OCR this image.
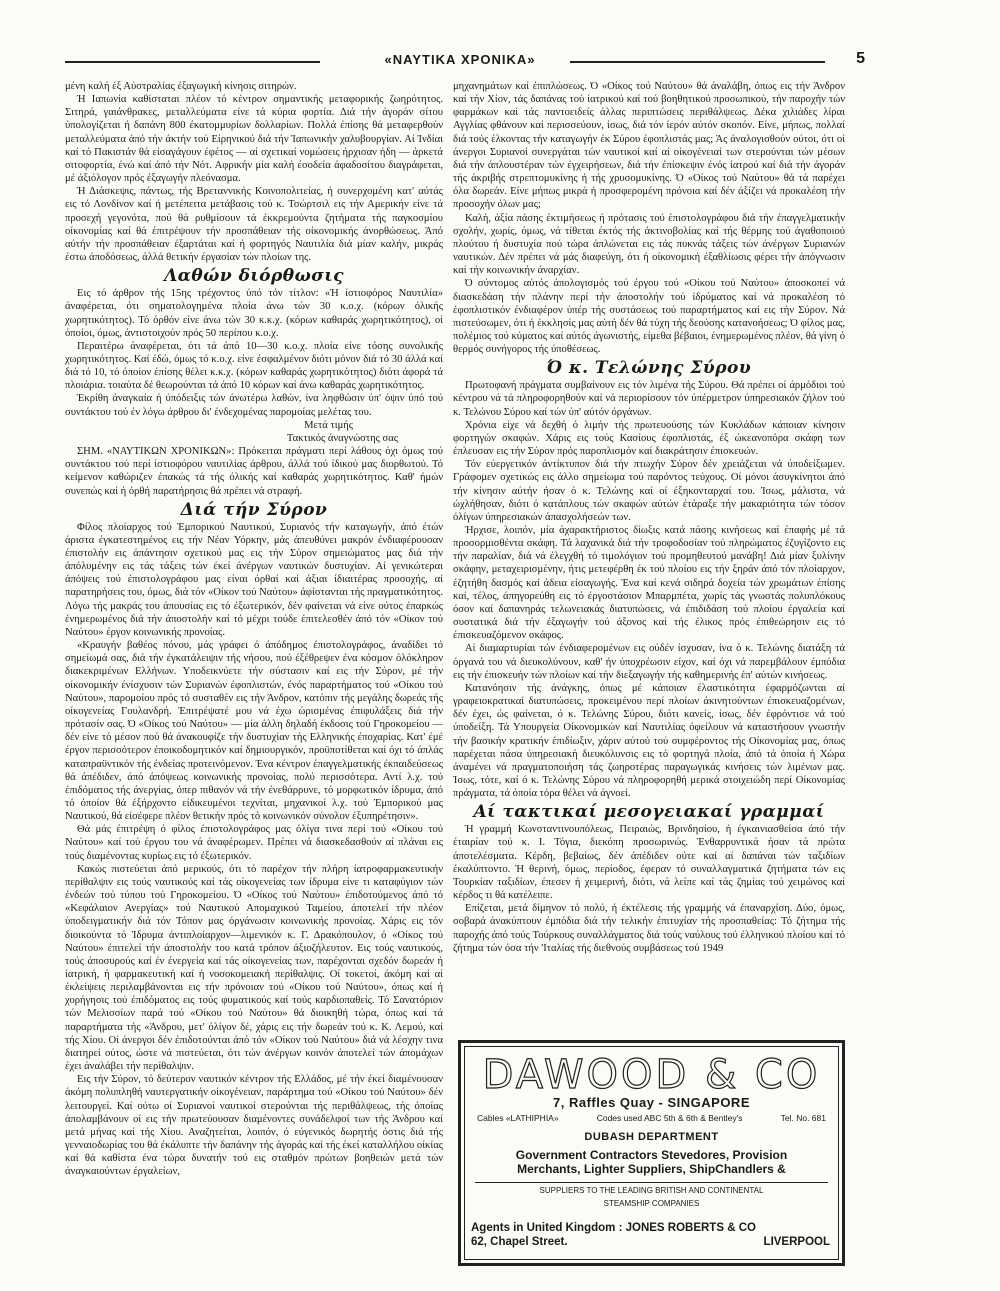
«ΝΑΥΤΙΚΑ ΧΡΟΝΙΚΑ»	5

μένη καλή έξ Αύστραλίας έξαγωγική κίνησις σιτηρών.

Ή Ιαπωνία καθίσταται πλέον τό κέντρον σημαντικής μεταφορικής ζωηρότητος. Σιτηρά, γαιάνθρακες, μεταλλεύματα είνε τά κύρια φορτία. Διά τήν άγοράν σίτου ύπολογίζεται ή δαπάνη 800 έκατομμυρίων δολλαρίων. Πολλά έπίσης θά μεταφερθούν μεταλλεύματα άπό τήν άκτήν τού Είρηνικού διά τήν Ίαπωνικήν χαλυβουργίαν. Αί Ίνδίαι καί τό Πακιστάν θά είσαγάγουν έφέτος — αί σχετικαί νομώσεις ήρχισαν ήδη — άρκετά σιτοφορτία, ένώ καί άπό τήν Νότ. Αφρικήν μία καλή έσοδεία άφαδοσίτου διαγράφεται, μέ άξιόλογον πρός έξαγωγήν πλεόνασμα.

Ή Διάσκεψις, πάντως, τής Βρεταννικής Κοινοπολιτείας, ή συνερχομένη κατ' αύτάς εις τό Λονδίνον καί ή μετέπειτα μετάβασις τού κ. Τσώρτσιλ εις τήν Αμερικήν είνε τά προσεχή γεγονότα, πού θά ρυθμίσουν τά έκκρεμούντα ζητήματα τής παγκοσμίου οίκονομίας καί θά έπιτρέψουν τήν προσπάθειαν τής οίκονομικής άνορθώσεως. Άπό αύτήν τήν προσπάθειαν έξαρτάται καί ή φορτηγός Ναυτιλία διά μίαν καλήν, μικράς έστω άποδόσεως, άλλά θετικήν έργασίαν τών πλοίων της.

Λαθών διόρθωσις

Εις τό άρθρον τής 15ης τρέχοντος ύπό τόν τίτλον: «Ή ίστιοφόρος Ναυτιλία» άναφέρεται, ότι σηματολογημένα πλοία άνω τών 30 κ.ο.χ. (κόρων όλικής χωρητικότητος). Τό όρθόν είνε άνω τών 30 κ.κ.χ. (κόρων καθαράς χωρητικότητος), οί όποίοι, όμως, άντιστοιχούν πρός 50 περίπου κ.ο.χ.

Περαιτέρω άναφέρεται, ότι τά άπό 10—30 κ.ο.χ. πλοία είνε τόσης συνολικής χωρητικότητος. Καί έδώ, όμως τό κ.ο.χ. είνε έσφαλμένον διότι μόνον διά τό 30 άλλά καί διά τό 10, τό όποίον έπίσης θέλει κ.κ.χ. (κόρων καθαράς χωρητικότητος) διότι άφορά τά πλοιάρια. τοιαύτα δέ θεωρούνται τά άπό 10 κόρων καί άνω καθαράς χωρητικότητος.

Έκρίθη άναγκαία ή ύπόδειξις τών άνωτέρω λαθών, ίνα ληφθώσιν ύπ' όψιν ύπό τού συντάκτου τού έν λόγω άρθρου δι' ένδεχομένας παρομοίας μελέτας του.

Μετά τιμής

Τακτικός άναγνώστης σας

ΣΗΜ. «ΝΑΥΤΙΚΩΝ ΧΡΟΝΙΚΩΝ»: Πρόκειται πράγματι περί λάθους όχι όμως τού συντάκτου τού περί ίστιοφόρου ναυτιλίας άρθρου, άλλά τού ίδικού μας διορθωτού. Τό κείμενον καθώριζεν έπακώς τά τής όλικής καί καθαράς χωρητικότητος. Καθ' ήμών συνεπώς καί ή όρθή παρατήρησις θά πρέπει νά στραφή.

Διά τήν Σύρον

Φίλος πλοίαρχος τού Έμπορικού Ναυτικού, Συριανός τήν καταγωγήν, άπό έτών άριστα έγκατεστημένος εις τήν Νέαν Υόρκην, μάς άπευθύνει μακρόν ένδιαφέρουσαν έπιστολήν εις άπάντησιν σχετικού μας εις τήν Σύρον σημειώματος μας διά τήν άπόλυμένην εις τάς τάξεις τών έκεί άνέργων ναυτικών δυστυχίαν. Αί γενικώτεραι άπόψεις τού έπιστολογράφου μας είναι όρθαί καί άξιαι ίδιαιτέρας προσοχής, αί παρατηρήσεις του, όμως, διά τόν «Οίκον τού Ναύτου» άφίστανται τής πραγματικότητος. Λόγω τής μακράς του άπουσίας εις τό έξωτερικόν, δέν φαίνεται νά είνε ούτος έπαρκώς ένημερωμένος διά τήν άποστολήν καί τό μέχρι τούδε έπιτελεσθέν άπό τόν «Οίκον τού Ναύτου» έργον κοινωνικής προνοίας.

«Κραυγήν βαθέος πόνου, μάς γράφει ό άπόδημος έπιστολογράφος, άναδίδει τό σημείωμά σας, διά τήν έγκατάλειψιν τής νήσου, πού έξέθρεψεν ένα κόσμον όλόκληρον διακεκριμένων Ελλήνων. Υποδεικνύετε τήν σύστασιν καί εις τήν Σύρον, μέ τήν οίκονομικήν ένίσχυσιν τών Συριανών έφοπλιστών, ένός παραρτήματος τού «Οίκου τού Ναύτου», παρομοίου πρός τό συσταθέν εις τήν Άνδρον, κατόπιν τής μεγάλης δωρεάς τής οίκογενείας Γουλανδρή. Έπιτρέψατέ μου νά έχω ώρισμένας έπιφυλάξεις διά τήν πρότασίν σας. Ό «Οίκος τού Ναύτου» — μία άλλη δηλαδή έκδοσις τού Γηροκομείου — δέν είνε τό μέσον πού θά άνακουφίζε τήν δυστυχίαν τής Ελληνικής έποχαρίας. Κατ' έμέ έργον περισσότερον έποικοδομητικόν καί δημιουργικόν, προϋποτίθεται καί όχι τό άπλάς καταπραϋντικόν τής ένδείας προτεινόμενον. Ένα κέντρον έπαγγελματικής έκπαιδεύσεως θά άπέδιδεν, άπό άπόψεως κοινωνικής προνοίας, πολύ περισσότερα. Αντί λ.χ. τού έπιδόματος τής άνεργίας, όπερ πιθανόν νά τήν ένεθάρρυνε, τό μορφωτικόν ίδρυμα, άπό τό όποίον θά έξήρχοντο είδικευμένοι τεχνίται, μηχανικοί λ.χ. τού Έμπορικού μας Ναυτικού, θά είσέφερε πλέον θετικήν πρός τό κοινωνικόν σύνολον έξυπηρέτησιν».

Θά μάς έπιτρέψη ό φίλος έπιστολογράφος μας όλίγα τινα περί τού «Οίκου τού Ναύτου» καί τού έργου του νά άναφέρωμεν. Πρέπει νά διασκεδασθούν αί πλάναι εις τούς διαμένοντας κυρίως εις τό έξωτερικόν.

Κακώς πιστεύεται άπό μερικούς, ότι τό παρέχον τήν πλήρη ίατροφαρμακευτικήν περίθαλψιν εις τούς ναυτικούς καί τάς οίκογενείας των ίδρυμα είνε τι καταφύγιον τών ένδεών τού τύπου τού Γηροκομείου. Ό «Οίκος τού Ναύτου» έπιδοτούμενος άπό τό «Κεφάλαιον Ανεργίας» τού Ναυτικού Απομαχικού Ταμείου, άποτελεί τήν πλέον ύποδειγματικήν διά τόν Τόπον μας όργάνωσιν κοινωνικής προνοίας. Χάρις εις τόν διοικούντα τό Ίδρυμα άντιπλοίαρχον—λιμενικόν κ. Γ. Δρακόπουλον, ό «Οίκος τού Ναύτου» έπιτελεί τήν άποστολήν του κατά τρόπον άξιοζήλευτον. Εις τούς ναυτικούς, τούς άποσυρούς καί έν ένεργεία καί τάς οίκογενείας των, παρέχονται σχεδόν δωρεάν ή ίατρική, ή φαρμακευτική καί ή νοσοκομειακή περίθαλψις. Οί τοκετοί, άκόμη καί αί έκλείψεις περιλαμβάνονται εις τήν πρόνοιαν τού «Οίκου τού Ναύτου», όπως καί ή χορήγησις τού έπιδόματος εις τούς φυματικούς καί τούς καρδιοπαθείς. Τό Σανατόριον τών Μελισσίων παρά τού «Οίκου τού Ναύτου» θά διοικηθή τώρα, όπως καί τά παραρτήματα τής «Άνδρου, μετ' όλίγον δέ, χάρις εις τήν δωρεάν τού κ. Κ. Λεμού, καί τής Χίου. Οί άνεργοι δέν έπιδοτούνται άπό τόν «Οίκον τού Ναύτου» διά νά λέσχην τινα διατηρεί ούτος, ώστε νά πιστεύεται, ότι τών άνέργων κοινόν άποτελεί τών άπομάχων έχει άναλάβει τήν περίθαλψιν.

Εις τήν Σύρον, τό δεύτερον ναυτικόν κέντρον τής Ελλάδος, μέ τήν έκεί διαμένουσαν άκόμη πολυπληθή ναυτεργατικήν οίκογένειαν, παράρτημα τού «Οίκου τού Ναύτου» δέν λειτουργεί. Καί ούτω οί Συριανοί ναυτικοί στερούνται τής περιθάλψεως, τής όποίας άπολαμβάνουν οί εις τήν πρωτεύουσαν διαμένοντες συνάδελφοί των τής Άνδρου καί μετά μήνας καί τής Χίου. Αναζητείται, λοιπόν, ό εύγενικός δωρητής όστις διά τής γενναιοδωρίας του θά έκάλυπτε τήν δαπάνην τής άγοράς καί τής έκεί καταλλήλου οίκίας καί θά καθίστα ένα τώρα δυνατήν τού εις σταθμόν πρώτων βοηθειών μετά τών άναγκαιούντων έργαλείων,

μηχανημάτων καί έπιπλώσεως. Ό «Οίκος τού Ναύτου» θά άναλάβη, όπως εις τήν Άνδρον καί τήν Χίον, τάς δαπάνας τού ίατρικού καί τού βοηθητικού προσωπικού, τήν παροχήν τών φαρμάκων καί τάς παντοειδείς άλλας περιπτώσεις περιθάλψεως. Δέκα χιλιάδες λίραι Αγγλίας φθάνουν καί περισσεύουν, ίσως, διά τόν ίερόν αύτόν σκοπόν. Είνε, μήπως, πολλαί διά τούς έλκοντας τήν καταγωγήν έκ Σύρου έφοπλιστάς μας; Άς άναλογισθούν ούτοι, ότι οί άνεργοι Συριανοί συνεργάται τών ναυτικοί καί αί οίκογένειαί των στερούνται τών μέσων διά τήν άπλουστέραν τών έγχειρήσεων, διά τήν έπίσκεψιν ένός ίατρού καί διά τήν άγοράν τής άκριβής στρεπτομυκίνης ή τής χρυσομυκίνης. Ό «Οίκος τού Ναύτου» θά τά παρέχει όλα δωρεάν. Είνε μήπως μικρά ή προσφερομένη πρόνοια καί δέν άξίζει νά προκαλέση τήν προσοχήν όλων μας;

Καλή, άξία πάσης έκτιμήσεως ή πρότασις τού έπιστολογράφου διά τήν έπαγγελματικήν σχολήν, χωρίς, όμως, νά τίθεται έκτός τής άκτινοβολίας καί τής θέρμης τού άγαθοποιού πλούτου ή δυστυχία πού τώρα άπλώνεται εις τάς πυκνάς τάξεις τών άνέργων Συριανών ναυτικών. Δέν πρέπει νά μάς διαφεύγη, ότι ή οίκονομική έξαθλίωσις φέρει τήν άπόγνωσιν καί τήν κοινωνικήν άναρχίαν.

Ό σύντομος αύτός άπολογισμός τού έργου τού «Οίκου τού Ναύτου» άποσκοπεί νά διασκεδάση τήν πλάνην περί τήν άποστολήν τού ίδρύματος καί νά προκαλέση τό έφοπλιστικόν ένδιαφέρον ύπέρ τής συστάσεως τού παραρτήματος καί εις τήν Σύρον. Νά πιστεύσωμεν, ότι ή έκκλησίς μας αύτή δέν θά τύχη τής δεούσης κατανοήσεως; Ό φίλος μας, πολέμιος τού κύματος καί αύτός άγωνιστής, είμεθα βέβαιοι, ένημερωμένος πλέον, θά γίνη ό θερμός συνήγορος τής ύποθέσεως.

Ό κ. Τελώνης Σύρου

Πρωτοφανή πράγματα συμβαίνουν εις τόν λιμένα τής Σύρου. Θά πρέπει οί άρμόδιοι τού κέντρου νά τά πληροφορηθούν καί νά περιορίσουν τόν ύπέρμετρον ύπηρεσιακόν ζήλον τού κ. Τελώνου Σύρου καί τών ύπ' αύτόν όργάνων.

Χρόνια είχε νά δεχθή ό λιμήν τής πρωτευούσης τών Κυκλάδων κάποιαν κίνησιν φορτηγών σκαφών. Χάρις εις τούς Κασίους έφοπλιστάς, έξ ώκεανοπόρα σκάφη των έπλευσαν εις τήν Σύρον πρός παροπλισμόν καί διακράτησιν έπισκευών.

Τόν εύεργετικόν άντίκτυπον διά τήν πτωχήν Σύρον δέν χρειάζεται νά ύποδείξωμεν. Γράφομεν σχετικώς εις άλλο σημείωμα τού παρόντος τεύχους. Οί μόνοι άσυγκίνητοι άπό τήν κίνησιν αύτήν ήσαν ό κ. Τελώνης καί οί έξηκονταρχαί του. Ίσως, μάλιστα, νά ώχλήθησαν, διότι ό κατάπλους τών σκαφών αύτών έτάραξε τήν μακαριότητα τών τόσον όλίγων ύπηρεσιακών άπασχολήσεών των.

Ήρχισε, λοιπόν, μία άχαρακτήριστος δίωξις κατά πάσης κινήσεως καί έπαφής μέ τά προσορμισθέντα σκάφη. Τά λαχανικά διά τήν τροφοδοσίαν τού πληρώματος έζυγίζοντο εις τήν παραλίαν, διά νά έλεγχθή τό τιμολόγιον τού προμηθευτού μανάβη! Διά μίαν ξυλίνην σκάφην, μεταχειρισμένην, ήτις μετεφέρθη έκ τού πλοίου εις τήν ξηράν άπό τόν πλοίαρχον, έζητήθη δασμός καί άδεια είσαγωγής. Ένα καί κενά σιδηρά δοχεία τών χρωμάτων έπίσης καί, τέλος, άπηγορεύθη εις τό έργοστάσιον Μπαρμπέτα, χωρίς τάς γνωστάς πολυπλόκους όσον καί δαπανηράς τελωνειακάς διατυπώσεις, νά έπιδιδάση τού πλοίου έργαλεία καί συστατικά διά τήν έξαγωγήν τού άξονος καί τής έλικος πρός έπιθεώρησιν εις τό έπισκευαζόμενον σκάφος.

Αί διαμαρτυρίαι τών ένδιαφερομένων εις ούδέν ίσχυσαν, ίνα ό κ. Τελώνης διατάξη τά όργανά του νά διευκολύνουν, καθ' ήν ύποχρέωσιν είχον, καί όχι νά παρεμβάλουν έμπόδια εις τήν έπισκευήν τών πλοίων καί τήν διεξαγωγήν τής καθημερινής έπ' αύτών κινήσεως.

Κατανόησιν τής άνάγκης, όπως μέ κάποιαν έλαστικότητα έφαρμόζωνται αί γραφειοκρατικαί διατυπώσεις, προκειμένου περί πλοίων άκινητούντων έπισκευαζομένων, δέν έχει, ώς φαίνεται, ό κ. Τελώνης Σύρου, διότι κανείς, ίσως, δέν έφρόντισε νά τού ύποδείξη. Τά Υπουργεία Οίκονομικών καί Ναυτιλίας όφείλουν νά καταστήσουν γνωστήν τήν βασικήν κρατικήν έπιδίωξιν, χάριν αύτού τού συμφέροντος τής Οίκονομίας μας, όπως παρέχεται πάσα ύπηρεσιακή διευκόλυνσις εις τό φορτηγά πλοία, άπό τά όποία ή Χώρα άναμένει νά πραγματοποιήση τάς ζωηροτέρας παραγωγικάς κινήσεις τών λιμένων μας. Ίσως, τότε, καί ό κ. Τελώνης Σύρου νά πληροφορηθή μερικά στοιχειώδη περί Οίκονομίας πράγματα, τά όποία τόρα θέλει νά άγνοεί.

Αί τακτικαί μεσογειακαί γραμμαί

Ή γραμμή Κωνσταντινουπόλεως, Πειραιώς, Βρινδησίου, ή έγκαινιασθείσα άπό τήν έταιρίαν τού κ. Ι. Τόγια, διεκόπη προσωρινώς. Ένθαρρυντικά ήσαν τά πρώτα άποτελέσματα. Κέρδη, βεβαίως, δέν άπέδιδεν ούτε καί αί δαπάναι τών ταξιδίων έκαλύπτοντο. Ή θερινή, όμως, περίοδος, έφεραν τό συναλλαγματικά ζητήματα τών εις Τουρκίαν ταξιδίων, έπεσεν ή χειμερινή, διότι, νά λείπε καί τάς ζημίας τού χειμώνος καί κέρδος τι θά κατέλειπε.

Επίζεται, μετά δίμηνον τό πολύ, ή έκτέλεσις τής γραμμής νά έπαναρχίση. Δύο, όμως, σοβαρά άνακύπτουν έμπόδια διά τήν τελικήν έπιτυχίαν τής προσπαθείας: Τό ζήτημα τής παροχής άπό τούς Τούρκους συναλλάγματος διά τούς ναύλους τού έλληνικού πλοίου καί τό ζήτημα τών όσα τήν 'Ιταλίας τής διεθνούς συμβάσεως τού 1949

DAWOOD & CO
7, Raffles Quay - SINGAPORE
Cables «LATHIPHIA»	Codes used ABC 5th & 6th & Bentley's	Tel. No. 681
DUBASH DEPARTMENT
Government Contractors Stevedores, Provision
Merchants, Lighter Suppliers, ShipChandlers &
SUPPLIERS TO THE LEADING BRITISH AND CONTINENTAL
STEAMSHIP COMPANIES
Agents in United Kingdom : JONES ROBERTS & CO
62, Chapel Street.	LIVERPOOL
